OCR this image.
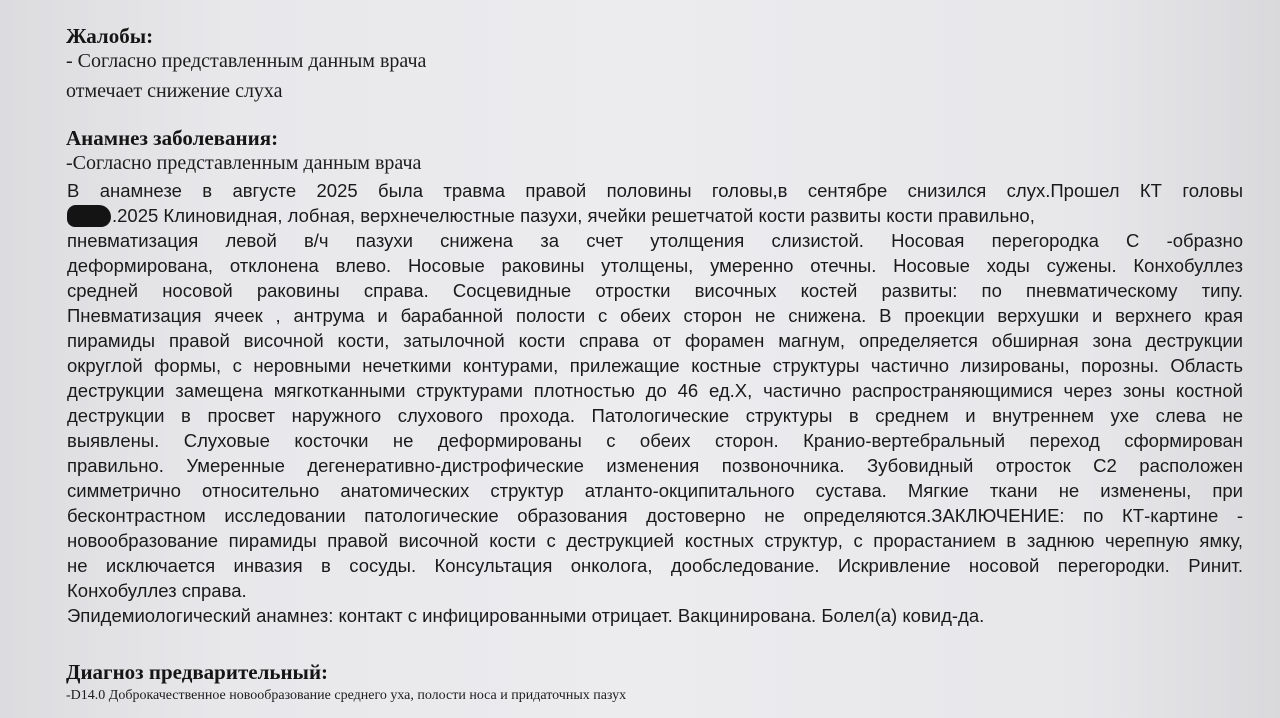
Жалобы:
- Согласно представленным данным врача
отмечает снижение слуха
Анамнез заболевания:
-Согласно представленным данным врача
В анамнезе в августе 2025 была травма правой половины головы,в сентябре снизился слух.Прошел КТ головы
.2025 Клиновидная, лобная, верхнечелюстные пазухи, ячейки решетчатой кости развиты кости правильно,
пневматизация левой в/ч пазухи снижена за счет утолщения слизистой. Носовая перегородка С -образно
деформирована, отклонена влево. Носовые раковины утолщены, умеренно отечны. Носовые ходы сужены. Конхобуллез
средней носовой раковины справа. Сосцевидные отростки височных костей развиты: по пневматическому типу.
Пневматизация ячеек , антрума и барабанной полости с обеих сторон не снижена. В проекции верхушки и верхнего края
пирамиды правой височной кости, затылочной кости справа от форамен магнум, определяется обширная зона деструкции
округлой формы, с неровными нечеткими контурами, прилежащие костные структуры частично лизированы, порозны. Область
деструкции замещена мягкотканными структурами плотностью до 46 ед.Х, частично распространяющимися через зоны костной
деструкции в просвет наружного слухового прохода. Патологические структуры в среднем и внутреннем ухе слева не
выявлены. Слуховые косточки не деформированы с обеих сторон. Кранио-вертебральный переход сформирован
правильно. Умеренные дегенеративно-дистрофические изменения позвоночника. Зубовидный отросток С2 расположен
симметрично относительно анатомических структур атланто-окципитального сустава. Мягкие ткани не изменены, при
бесконтрастном исследовании патологические образования достоверно не определяются.ЗАКЛЮЧЕНИЕ: по КТ-картине -
новообразование пирамиды правой височной кости с деструкцией костных структур, с прорастанием в заднюю черепную ямку,
не исключается инвазия в сосуды. Консультация онколога, дообследование. Искривление носовой перегородки. Ринит.
Конхобуллез справа.
Эпидемиологический анамнез: контакт с инфицированными отрицает. Вакцинирована. Болел(а) ковид-да.
Диагноз предварительный:
-D14.0 Доброкачественное новообразование среднего уха, полости носа и придаточных пазух
